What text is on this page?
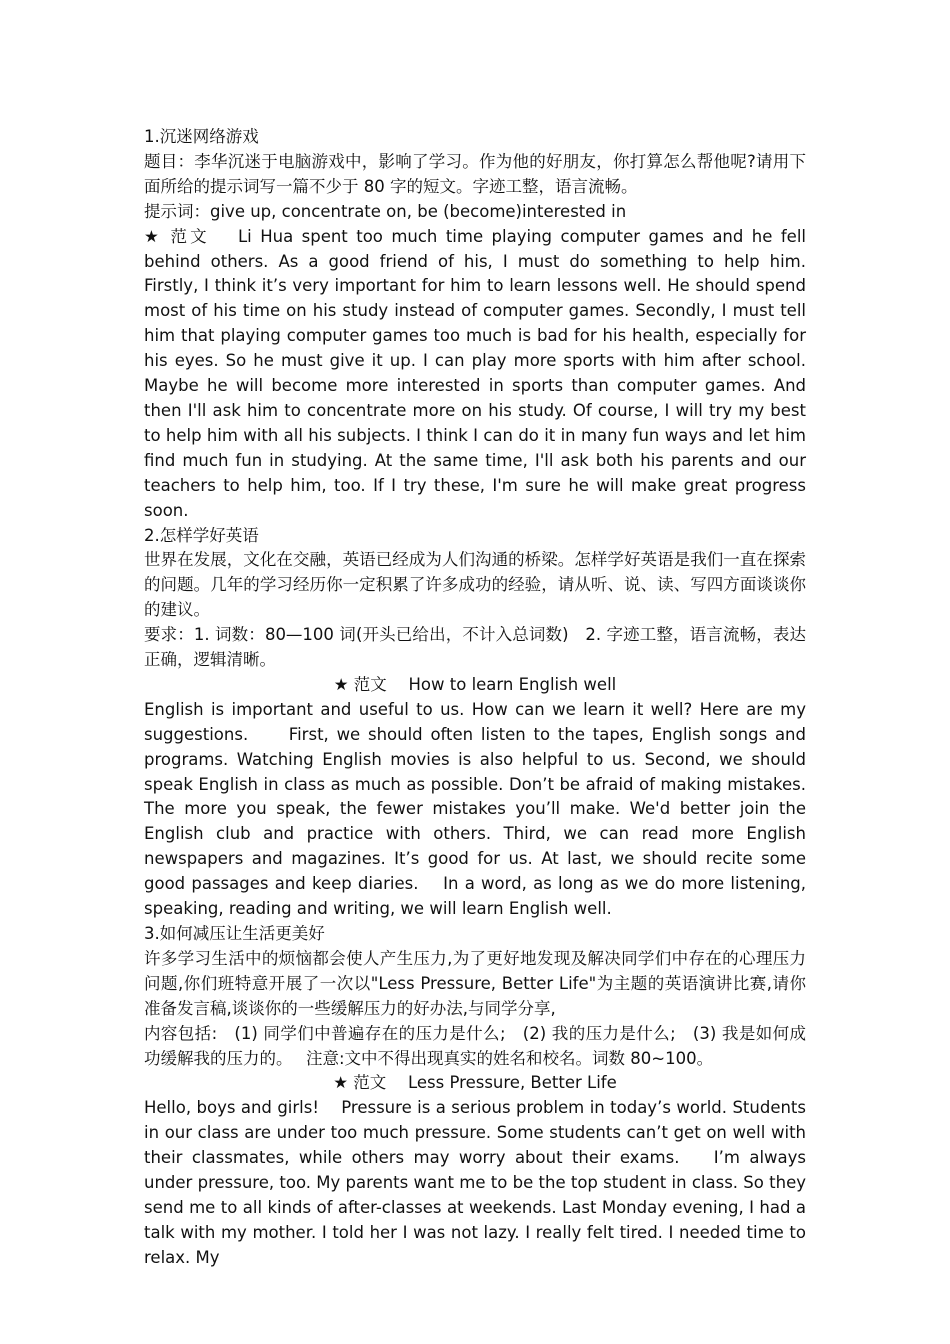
1.沉迷网络游戏

题目：李华沉迷于电脑游戏中，影响了学习。作为他的好朋友，你打算怎么帮他呢?请用下面所给的提示词写一篇不少于 80 字的短文。字迹工整，语言流畅。

提示词：give up, concentrate on, be (become)interested in

★ 范文　 Li Hua spent too much time playing computer games and he fell behind others. As a good friend of his, I must do something to help him.　 Firstly, I think it’s very important for him to learn lessons well. He should spend most of his time on his study instead of computer games. Secondly, I must tell him that playing computer games too much is bad for his health, especially for his eyes. So he must give it up. I can play more sports with him after school. Maybe he will become more interested in sports than computer games. And then I'll ask him to concentrate more on his study. Of course, I will try my best to help him with all his subjects. I think I can do it in many fun ways and let him find much fun in studying. At the same time, I'll ask both his parents and our teachers to help him, too. If I try these, I'm sure he will make great progress soon.

2.怎样学好英语

世界在发展，文化在交融，英语已经成为人们沟通的桥梁。怎样学好英语是我们一直在探索的问题。几年的学习经历你一定积累了许多成功的经验，请从听、说、读、写四方面谈谈你的建议。

要求：1. 词数：80—100 词(开头已给出，不计入总词数)　2. 字迹工整，语言流畅，表达正确，逻辑清晰。

★ 范文　 How to learn English well

English is important and useful to us. How can we learn it well? Here are my suggestions.　　First, we should often listen to the tapes, English songs and programs. Watching English movies is also helpful to us. Second, we should speak English in class as much as possible. Don’t be afraid of making mistakes. The more you speak, the fewer mistakes you’ll make. We'd better join the English club and practice with others. Third, we can read more English newspapers and magazines. It’s good for us. At last, we should recite some good passages and keep diaries.　 In a word, as long as we do more listening, speaking, reading and writing, we will learn English well.

3.如何减压让生活更美好

许多学习生活中的烦恼都会使人产生压力,为了更好地发现及解决同学们中存在的心理压力问题,你们班特意开展了一次以"Less Pressure, Better Life"为主题的英语演讲比赛,请你准备发言稿,谈谈你的一些缓解压力的好办法,与同学分享,

内容包括:　(1) 同学们中普遍存在的压力是什么;　(2) 我的压力是什么;　(3) 我是如何成功缓解我的压力的。　 注意:文中不得出现真实的姓名和校名。词数 80~100。

★ 范文　 Less Pressure, Better Life

Hello, boys and girls!　 Pressure is a serious problem in today’s world. Students in our class are under too much pressure. Some students can’t get on well with their classmates, while others may worry about their exams.　 I’m always under pressure, too. My parents want me to be the top student in class. So they send me to all kinds of after-classes at weekends. Last Monday evening, I had a talk with my mother. I told her I was not lazy. I really felt tired. I needed time to relax. My
